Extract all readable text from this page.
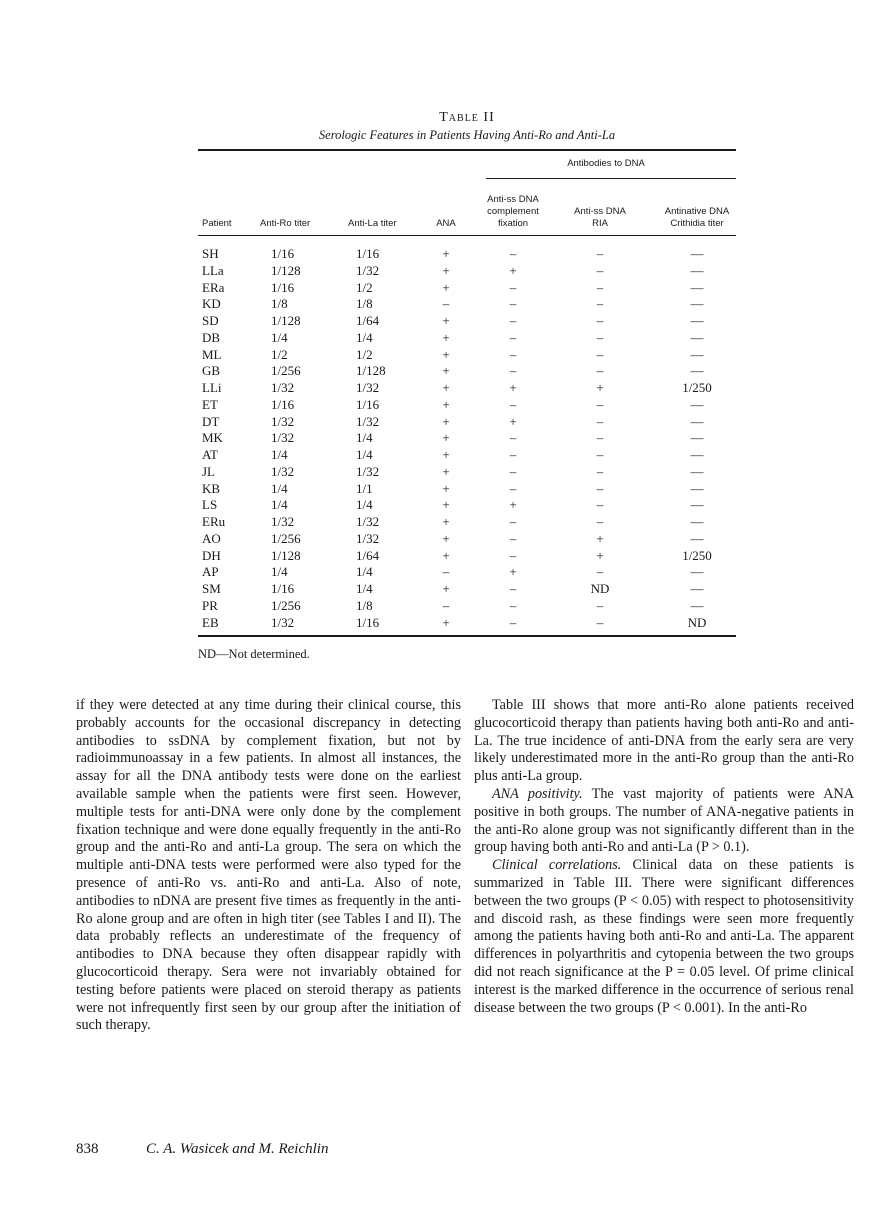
Table II
Serologic Features in Patients Having Anti-Ro and Anti-La
Antibodies to DNA
Patient	Anti-Ro titer	Anti-La titer	ANA
Anti-ss DNA
complement
fixation
Anti-ss DNA
RIA
Antinative DNA
Crithidia titer
SH	1/16	1/16	+	–	–	—
LLa	1/128	1/32	+	+	–	—
ERa	1/16	1/2	+	–	–	—
KD	1/8	1/8	–	–	–	—
SD	1/128	1/64	+	–	–	—
DB	1/4	1/4	+	–	–	—
ML	1/2	1/2	+	–	–	—
GB	1/256	1/128	+	–	–	—
LLi	1/32	1/32	+	+	+	1/250
ET	1/16	1/16	+	–	–	—
DT	1/32	1/32	+	+	–	—
MK	1/32	1/4	+	–	–	—
AT	1/4	1/4	+	–	–	—
JL	1/32	1/32	+	–	–	—
KB	1/4	1/1	+	–	–	—
LS	1/4	1/4	+	+	–	—
ERu	1/32	1/32	+	–	–	—
AO	1/256	1/32	+	–	+	—
DH	1/128	1/64	+	–	+	1/250
AP	1/4	1/4	–	+	–	—
SM	1/16	1/4	+	–	ND	—
PR	1/256	1/8	–	–	–	—
EB	1/32	1/16	+	–	–	ND
ND—Not determined.

if they were detected at any time during their clinical course, this probably accounts for the occasional discrepancy in detecting antibodies to ssDNA by complement fixation, but not by radioimmunoassay in a few patients. In almost all instances, the assay for all the DNA antibody tests were done on the earliest available sample when the patients were first seen. However, multiple tests for anti-DNA were only done by the complement fixation technique and were done equally frequently in the anti-Ro group and the anti-Ro and anti-La group. The sera on which the multiple anti-DNA tests were performed were also typed for the presence of anti-Ro vs. anti-Ro and anti-La. Also of note, antibodies to nDNA are present five times as frequently in the anti-Ro alone group and are often in high titer (see Tables I and II). The data probably reflects an underestimate of the frequency of antibodies to DNA because they often disappear rapidly with glucocorticoid therapy. Sera were not invariably obtained for testing before patients were placed on steroid therapy as patients were not infrequently first seen by our group after the initiation of such therapy.

Table III shows that more anti-Ro alone patients received glucocorticoid therapy than patients having both anti-Ro and anti-La. The true incidence of anti-DNA from the early sera are very likely underestimated more in the anti-Ro group than the anti-Ro plus anti-La group.

ANA positivity. The vast majority of patients were ANA positive in both groups. The number of ANA-negative patients in the anti-Ro alone group was not significantly different than in the group having both anti-Ro and anti-La (P > 0.1).

Clinical correlations. Clinical data on these patients is summarized in Table III. There were significant differences between the two groups (P < 0.05) with respect to photosensitivity and discoid rash, as these findings were seen more frequently among the patients having both anti-Ro and anti-La. The apparent differences in polyarthritis and cytopenia between the two groups did not reach significance at the P = 0.05 level. Of prime clinical interest is the marked difference in the occurrence of serious renal disease between the two groups (P < 0.001). In the anti-Ro

838	C. A. Wasicek and M. Reichlin
